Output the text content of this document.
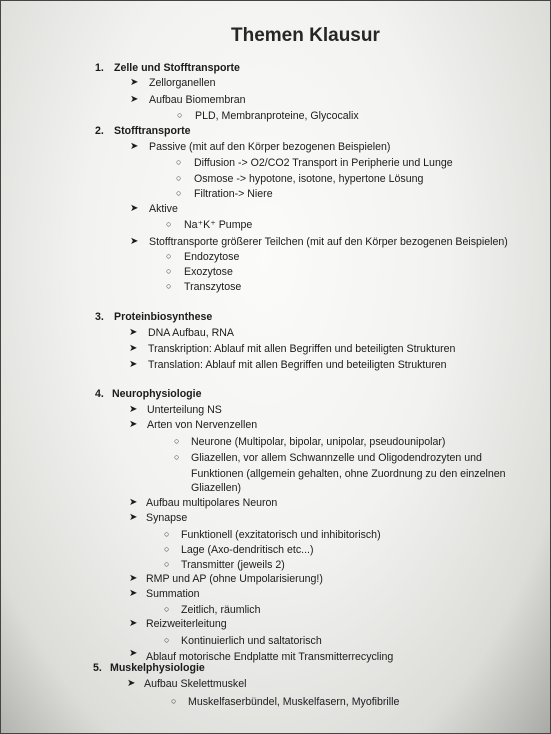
Themen Klausur
1. Zelle und Stofftransporte
➤ Zellorganellen
➤ Aufbau Biomembran
○ PLD, Membranproteine, Glycocalix
2. Stofftransporte
➤ Passive (mit auf den Körper bezogenen Beispielen)
○ Diffusion -> O2/CO2 Transport in Peripherie und Lunge
○ Osmose -> hypotone, isotone, hypertone Lösung
○ Filtration-> Niere
➤ Aktive
○ Na⁺K⁺ Pumpe
➤ Stofftransporte größerer Teilchen (mit auf den Körper bezogenen Beispielen)
○ Endozytose
○ Exozytose
○ Transzytose
3. Proteinbiosynthese
➤ DNA Aufbau, RNA
➤ Transkription: Ablauf mit allen Begriffen und beteiligten Strukturen
➤ Translation: Ablauf mit allen Begriffen und beteiligten Strukturen
4. Neurophysiologie
➤ Unterteilung NS
➤ Arten von Nervenzellen
○ Neurone (Multipolar, bipolar, unipolar, pseudounipolar)
○ Gliazellen, vor allem Schwannzelle und Oligodendrozyten und
Funktionen (allgemein gehalten, ohne Zuordnung zu den einzelnen
Gliazellen)
➤ Aufbau multipolares Neuron
➤ Synapse
○ Funktionell (exzitatorisch und inhibitorisch)
○ Lage (Axo-dendritisch etc...)
○ Transmitter (jeweils 2)
➤ RMP und AP (ohne Umpolarisierung!)
➤ Summation
○ Zeitlich, räumlich
➤ Reizweiterleitung
○ Kontinuierlich und saltatorisch
➤ Ablauf motorische Endplatte mit Transmitterrecycling
5. Muskelphysiologie
➤ Aufbau Skelettmuskel
○ Muskelfaserbündel, Muskelfasern, Myofibrille
